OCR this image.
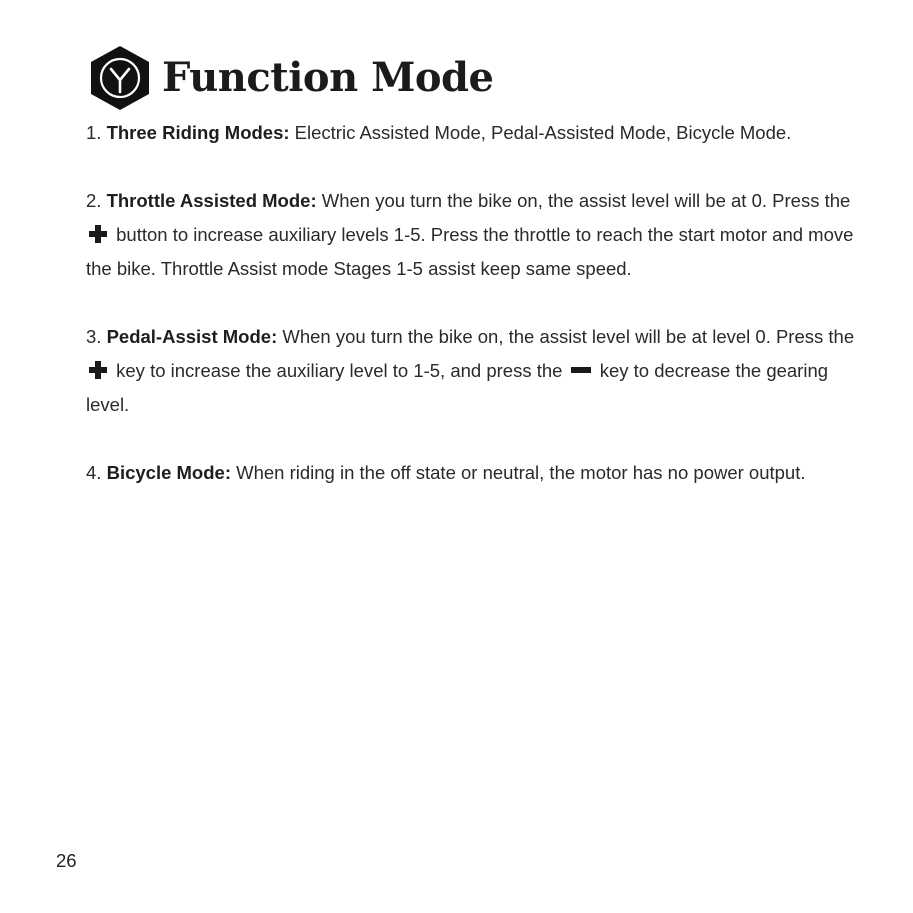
Function Mode

1. Three Riding Modes: Electric Assisted Mode, Pedal-Assisted Mode, Bicycle Mode.

2. Throttle Assisted Mode: When you turn the bike on, the assist level will be at 0. Press the  button to increase auxiliary levels 1-5. Press the throttle to reach the start motor and move the bike. Throttle Assist mode Stages 1-5 assist keep same speed.

3. Pedal-Assist Mode: When you turn the bike on, the assist level will be at level 0. Press the  key to increase the auxiliary level to 1-5, and press the key to decrease the gearing level.

4. Bicycle Mode: When riding in the off state or neutral, the motor has no power output.

26
